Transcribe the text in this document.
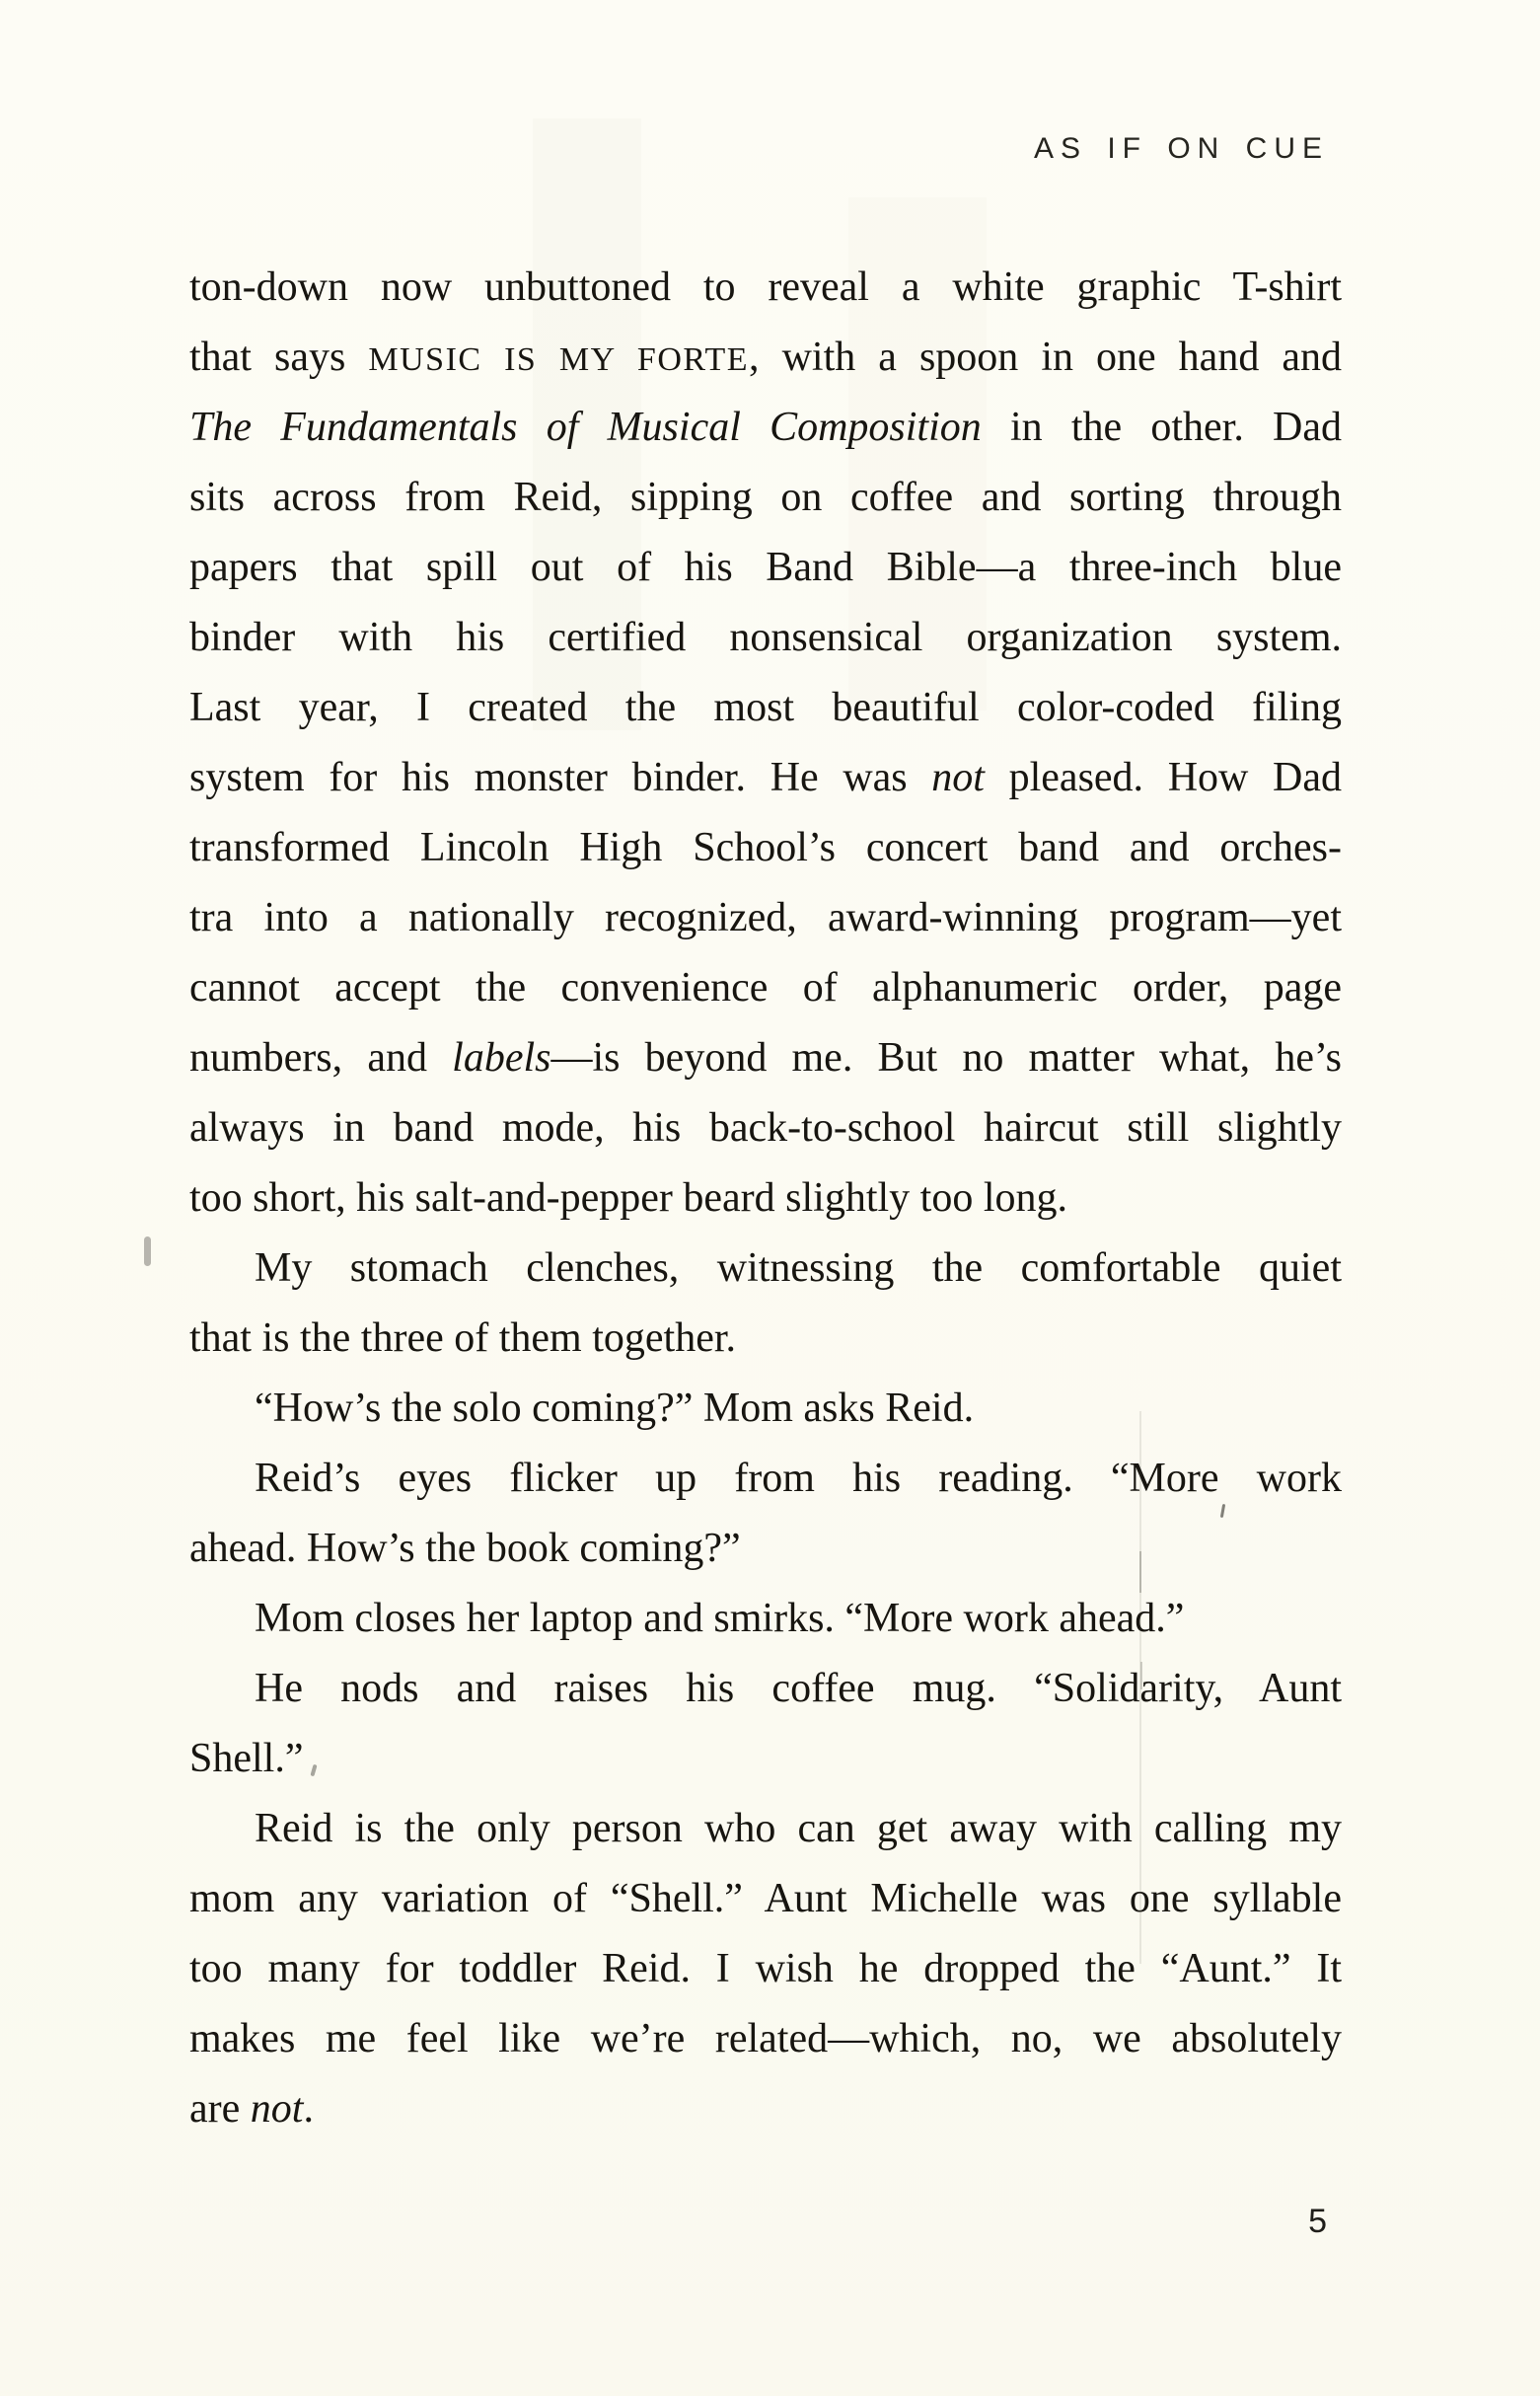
AS IF ON CUE
ton-down now unbuttoned to reveal a white graphic T-shirt
that says MUSIC IS MY FORTE, with a spoon in one hand and
The Fundamentals of Musical Composition in the other. Dad
sits across from Reid, sipping on coffee and sorting through
papers that spill out of his Band Bible—a three-inch blue
binder with his certified nonsensical organization system.
Last year, I created the most beautiful color-coded filing
system for his monster binder. He was not pleased. How Dad
transformed Lincoln High School’s concert band and orches-
tra into a nationally recognized, award-winning program—yet
cannot accept the convenience of alphanumeric order, page
numbers, and labels—is beyond me. But no matter what, he’s
always in band mode, his back-to-school haircut still slightly
too short, his salt-and-pepper beard slightly too long.
My stomach clenches, witnessing the comfortable quiet
that is the three of them together.
“How’s the solo coming?” Mom asks Reid.
Reid’s eyes flicker up from his reading. “More work
ahead. How’s the book coming?”
Mom closes her laptop and smirks. “More work ahead.”
He nods and raises his coffee mug. “Solidarity, Aunt
Shell.”
Reid is the only person who can get away with calling my
mom any variation of “Shell.” Aunt Michelle was one syllable
too many for toddler Reid. I wish he dropped the “Aunt.” It
makes me feel like we’re related—which, no, we absolutely
are not.
5
